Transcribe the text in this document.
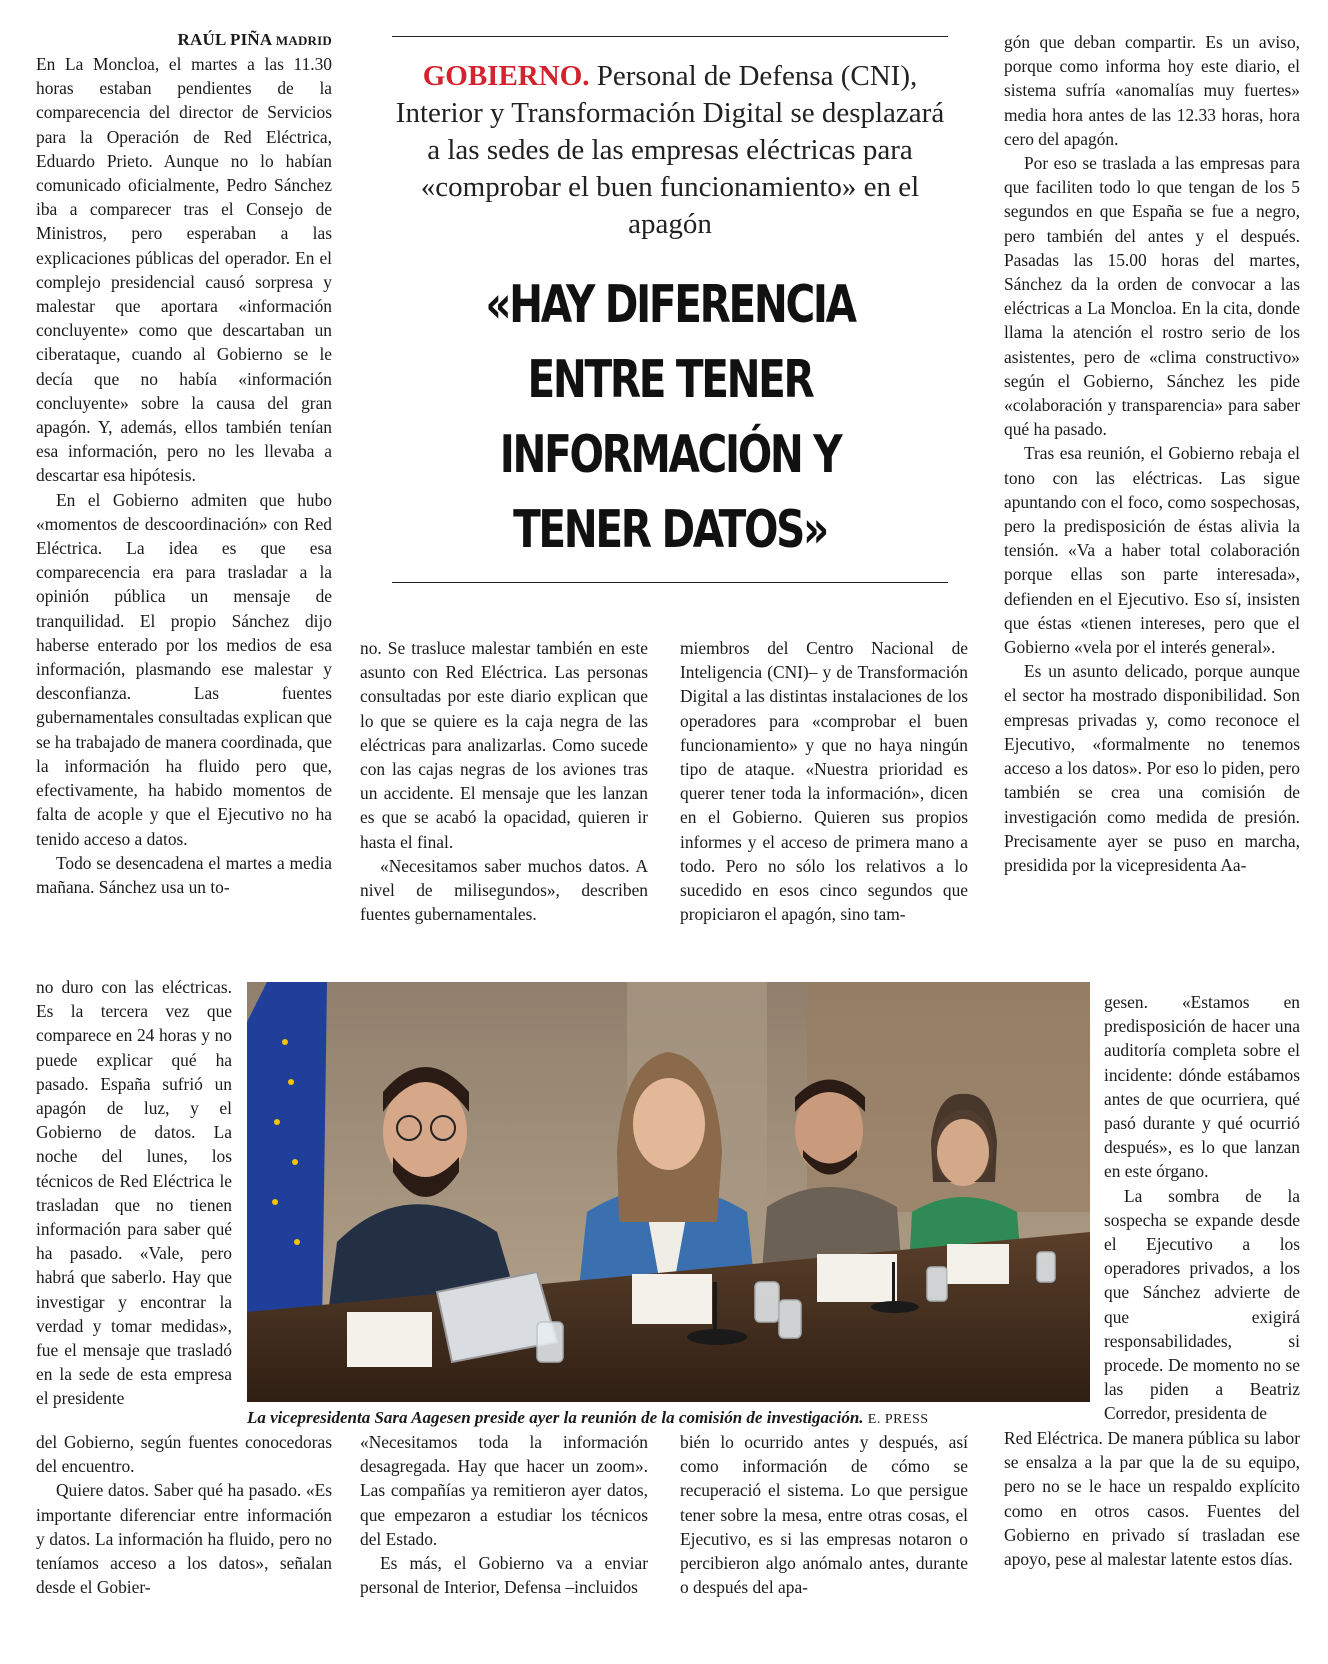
RAÚL PIÑA MADRID

En La Moncloa, el martes a las 11.30 horas estaban pendientes de la comparecencia del director de Servicios para la Operación de Red Eléctrica, Eduardo Prieto. Aunque no lo habían comunicado oficialmente, Pedro Sánchez iba a comparecer tras el Consejo de Ministros, pero esperaban a las explicaciones públicas del operador. En el complejo presidencial causó sorpresa y malestar que aportara «información concluyente» como que descartaban un ciberataque, cuando al Gobierno se le decía que no había «información concluyente» sobre la causa del gran apagón. Y, además, ellos también tenían esa información, pero no les llevaba a descartar esa hipótesis.

En el Gobierno admiten que hubo «momentos de descoordinación» con Red Eléctrica. La idea es que esa comparecencia era para trasladar a la opinión pública un mensaje de tranquilidad. El propio Sánchez dijo haberse enterado por los medios de esa información, plasmando ese malestar y desconfianza. Las fuentes gubernamentales consultadas explican que se ha trabajado de manera coordinada, que la información ha fluido pero que, efectivamente, ha habido momentos de falta de acople y que el Ejecutivo no ha tenido acceso a datos.

Todo se desencadena el martes a media mañana. Sánchez usa un to-

no duro con las eléctricas. Es la tercera vez que comparece en 24 horas y no puede explicar qué ha pasado. España sufrió un apagón de luz, y el Gobierno de datos. La noche del lunes, los técnicos de Red Eléctrica le trasladan que no tienen información para saber qué ha pasado. «Vale, pero habrá que saberlo. Hay que investigar y encontrar la verdad y tomar medidas», fue el mensaje que trasladó en la sede de esta empresa el presidente

del Gobierno, según fuentes conocedoras del encuentro.

Quiere datos. Saber qué ha pasado. «Es importante diferenciar entre información y datos. La información ha fluido, pero no teníamos acceso a los datos», señalan desde el Gobier-

GOBIERNO. Personal de Defensa (CNI), Interior y Transformación Digital se desplazará a las sedes de las empresas eléctricas para «comprobar el buen funcionamiento» en el apagón
«HAY DIFERENCIA
ENTRE TENER
INFORMACIÓN Y
TENER DATOS»

no. Se trasluce malestar también en este asunto con Red Eléctrica. Las personas consultadas por este diario explican que lo que se quiere es la caja negra de las eléctricas para analizarlas. Como sucede con las cajas negras de los aviones tras un accidente. El mensaje que les lanzan es que se acabó la opacidad, quieren ir hasta el final.

«Necesitamos saber muchos datos. A nivel de milisegundos», describen fuentes gubernamentales.

«Necesitamos toda la información desagregada. Hay que hacer un zoom». Las compañías ya remitieron ayer datos, que empezaron a estudiar los técnicos del Estado.

Es más, el Gobierno va a enviar personal de Interior, Defensa –incluidos

miembros del Centro Nacional de Inteligencia (CNI)– y de Transformación Digital a las distintas instalaciones de los operadores para «comprobar el buen funcionamiento» y que no haya ningún tipo de ataque. «Nuestra prioridad es querer tener toda la información», dicen en el Gobierno. Quieren sus propios informes y el acceso de primera mano a todo. Pero no sólo los relativos a lo sucedido en esos cinco segundos que propiciaron el apagón, sino tam-

bién lo ocurrido antes y después, así como información de cómo se recuperació el sistema. Lo que persigue tener sobre la mesa, entre otras cosas, el Ejecutivo, es si las empresas notaron o percibieron algo anómalo antes, durante o después del apa-

gón que deban compartir. Es un aviso, porque como informa hoy este diario, el sistema sufría «anomalías muy fuertes» media hora antes de las 12.33 horas, hora cero del apagón.

Por eso se traslada a las empresas para que faciliten todo lo que tengan de los 5 segundos en que España se fue a negro, pero también del antes y el después. Pasadas las 15.00 horas del martes, Sánchez da la orden de convocar a las eléctricas a La Moncloa. En la cita, donde llama la atención el rostro serio de los asistentes, pero de «clima constructivo» según el Gobierno, Sánchez les pide «colaboración y transparencia» para saber qué ha pasado.

Tras esa reunión, el Gobierno rebaja el tono con las eléctricas. Las sigue apuntando con el foco, como sospechosas, pero la predisposición de éstas alivia la tensión. «Va a haber total colaboración porque ellas son parte interesada», defienden en el Ejecutivo. Eso sí, insisten que éstas «tienen intereses, pero que el Gobierno «vela por el interés general».

Es un asunto delicado, porque aunque el sector ha mostrado disponibilidad. Son empresas privadas y, como reconoce el Ejecutivo, «formalmente no tenemos acceso a los datos». Por eso lo piden, pero también se crea una comisión de investigación como medida de presión. Precisamente ayer se puso en marcha, presidida por la vicepresidenta Aa-

gesen. «Estamos en predisposición de hacer una auditoría completa sobre el incidente: dónde estábamos antes de que ocurriera, qué pasó durante y qué ocurrió después», es lo que lanzan en este órgano.

La sombra de la sospecha se expande desde el Ejecutivo a los operadores privados, a los que Sánchez advierte de que exigirá responsabilidades, si procede. De momento no se las piden a Beatriz Corredor, presidenta de

Red Eléctrica. De manera pública su labor se ensalza a la par que la de su equipo, pero no se le hace un respaldo explícito como en otros casos. Fuentes del Gobierno en privado sí trasladan ese apoyo, pese al malestar latente estos días.

La vicepresidenta Sara Aagesen preside ayer la reunión de la comisión de investigación. E. PRESS
